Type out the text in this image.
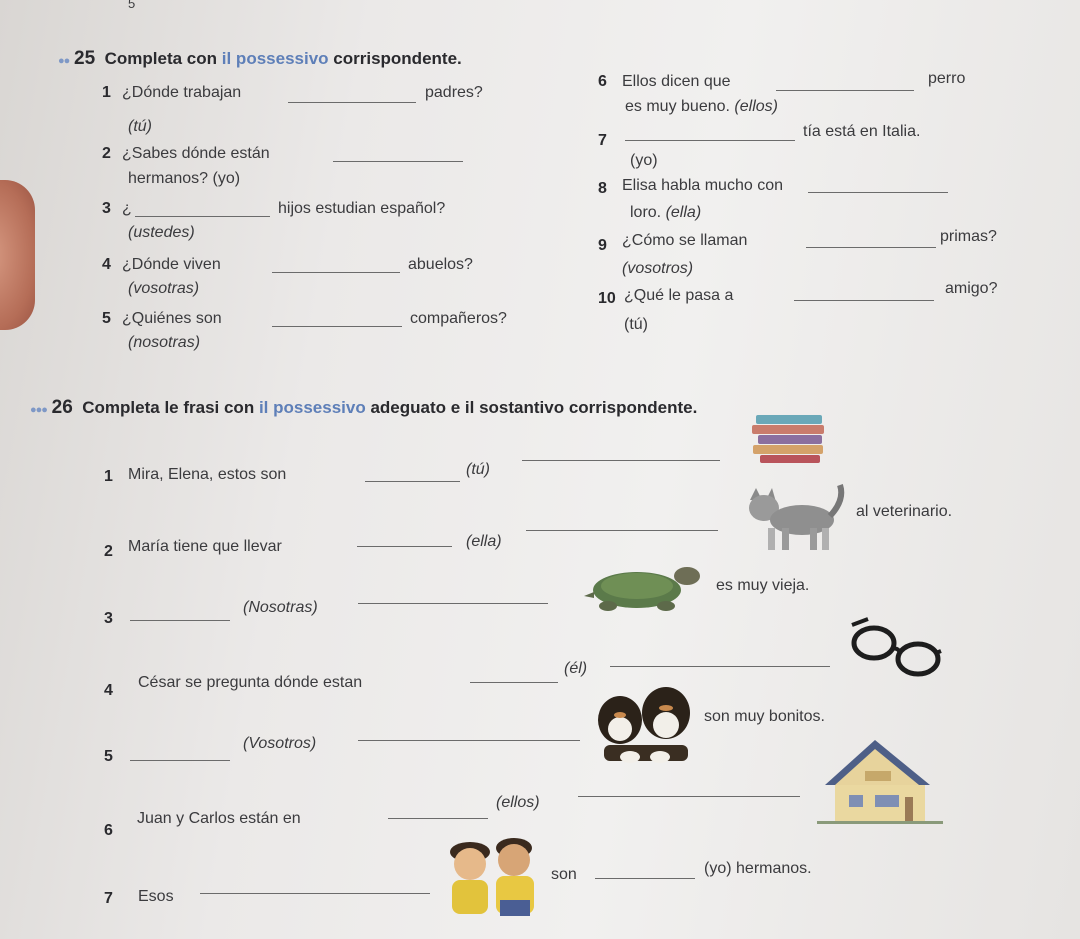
5
●● 25 Completa con il possessivo corrispondente.
1 ¿Dónde trabajan	padres?
(tú)
2 ¿Sabes dónde están
hermanos? (yo)
3 ¿	hijos estudian español?
(ustedes)
4 ¿Dónde viven	abuelos?
(vosotras)
5 ¿Quiénes son	compañeros?
(nosotras)
6 Ellos dicen que	perro
es muy bueno. (ellos)
7
tía está en Italia.
(yo)
8 Elisa habla mucho con
loro. (ella)
9 ¿Cómo se llaman	primas?
(vosotros)
10 ¿Qué le pasa a	amigo?
(tú)
●●● 26 Completa le frasi con il possessivo adeguato e il sostantivo corrispondente.
1 Mira, Elena, estos son	(tú)
2 María tiene que llevar	(ella)
al veterinario.
3
(Nosotras)
es muy vieja.
4 César se pregunta dónde estan
(él)
5
(Vosotros)
son muy bonitos.
6
Juan y Carlos están en
(ellos)
7 Esos
son	(yo) hermanos.
